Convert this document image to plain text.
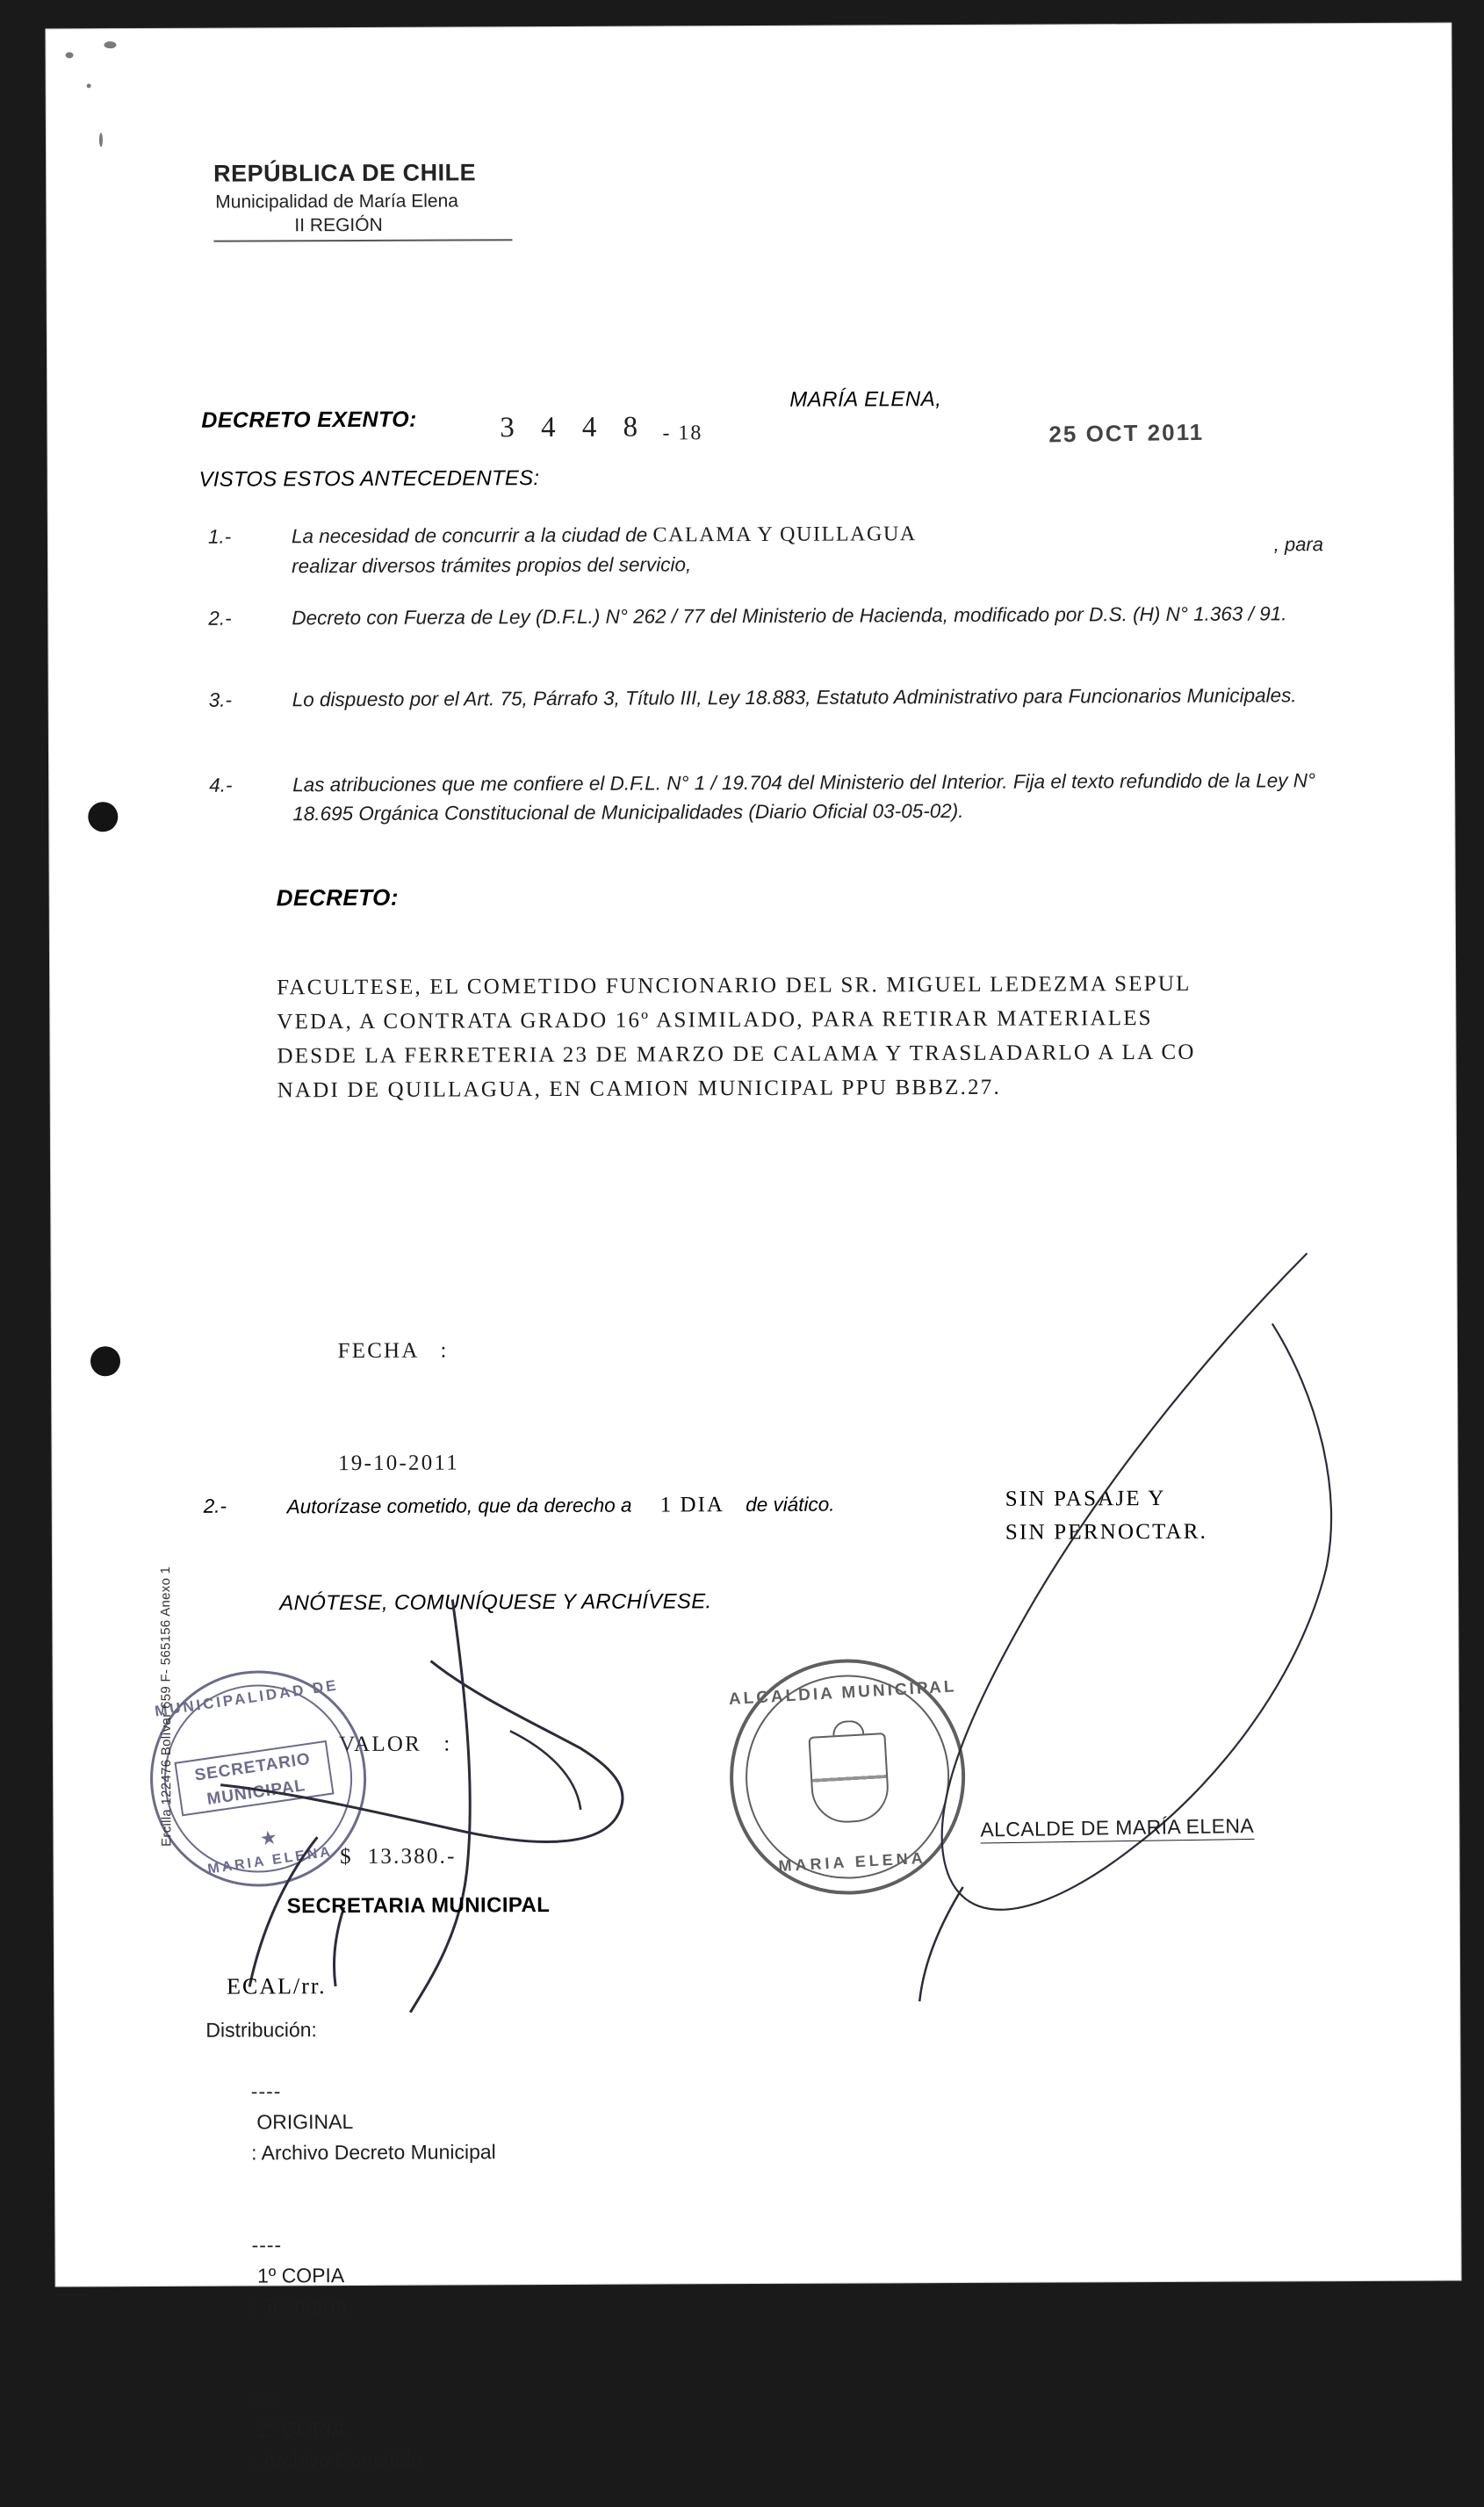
REPÚBLICA DE CHILE
Municipalidad de María Elena
II REGIÓN
DECRETO EXENTO:	3 4 4 8 - 18
MARÍA ELENA,
25 OCT 2011
VISTOS ESTOS ANTECEDENTES:
1.-	La necesidad de concurrir a la ciudad de CALAMA Y QUILLAGUA	, para

realizar diversos trámites propios del servicio,
2.-	Decreto con Fuerza de Ley (D.F.L.) N° 262 / 77 del Ministerio de Hacienda, modificado por D.S. (H) N° 1.363 / 91.
3.-	Lo dispuesto por el Art. 75, Párrafo 3, Título III, Ley 18.883, Estatuto Administrativo para Funcionarios Municipales.
4.-	Las atribuciones que me confiere el D.F.L. N° 1 / 19.704 del Ministerio del Interior. Fija el texto refundido de la Ley N° 18.695 Orgánica Constitucional de Municipalidades (Diario Oficial 03-05-02).
DECRETO:
FACULTESE, EL COMETIDO FUNCIONARIO DEL SR. MIGUEL LEDEZMA SEPUL
VEDA, A CONTRATA GRADO 16º ASIMILADO, PARA RETIRAR MATERIALES
DESDE LA FERRETERIA 23 DE MARZO DE CALAMA Y TRASLADARLO A LA CO
NADI DE QUILLAGUA, EN CAMION MUNICIPAL PPU BBBZ.27.

FECHA   :

19-10-2011

VALOR   :

$  13.380.-

2.-	Autorízase cometido, que da derecho a 1 DIA de viático.	SIN PASAJE Y
SIN PERNOCTAR.
ANÓTESE, COMUNÍQUESE Y ARCHÍVESE.
MUNICIPALIDAD DE
SECRETARIO
MUNICIPAL
★
MARIA ELENA
ALCALDIA MUNICIPAL
MARIA ELENA
ALCALDE DE MARÍA ELENA
SECRETARIA MUNICIPAL
ECAL/rr.
Distribución:

----
ORIGINAL
: Archivo Decreto Municipal

----
1º COPIA
: Tesorería

----
2º COPIA
: Archivo Cometido

Ercilla 122476 Bolívar 659 F- 565156 Anexo 1
